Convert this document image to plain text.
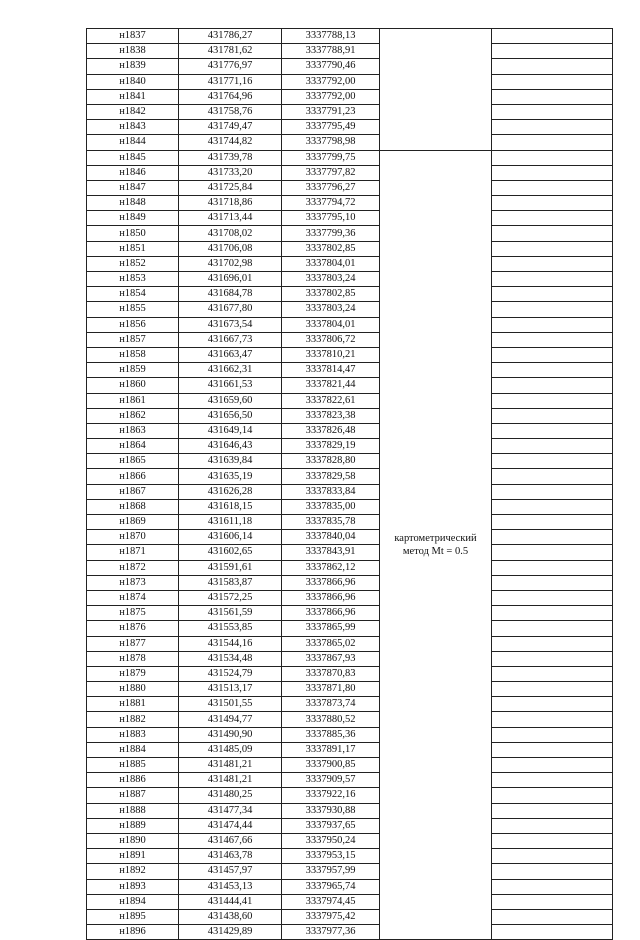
н1837	431786,27	3337788,13		
н1838	431781,62	3337788,91		
н1839	431776,97	3337790,46		
н1840	431771,16	3337792,00		
н1841	431764,96	3337792,00		
н1842	431758,76	3337791,23		
н1843	431749,47	3337795,49		
н1844	431744,82	3337798,98		
н1845	431739,78	3337799,75	картометрический
метод Mt = 0.5	

н1846	431733,20	3337797,82		
н1847	431725,84	3337796,27		
н1848	431718,86	3337794,72		
н1849	431713,44	3337795,10		
н1850	431708,02	3337799,36		
н1851	431706,08	3337802,85		
н1852	431702,98	3337804,01		
н1853	431696,01	3337803,24		
н1854	431684,78	3337802,85		
н1855	431677,80	3337803,24		
н1856	431673,54	3337804,01		
н1857	431667,73	3337806,72		
н1858	431663,47	3337810,21		
н1859	431662,31	3337814,47		
н1860	431661,53	3337821,44		
н1861	431659,60	3337822,61		
н1862	431656,50	3337823,38		
н1863	431649,14	3337826,48		
н1864	431646,43	3337829,19		
н1865	431639,84	3337828,80		
н1866	431635,19	3337829,58		
н1867	431626,28	3337833,84		
н1868	431618,15	3337835,00		
н1869	431611,18	3337835,78		
н1870	431606,14	3337840,04		
н1871	431602,65	3337843,91		
н1872	431591,61	3337862,12		
н1873	431583,87	3337866,96		
н1874	431572,25	3337866,96		
н1875	431561,59	3337866,96		
н1876	431553,85	3337865,99		
н1877	431544,16	3337865,02		
н1878	431534,48	3337867,93		
н1879	431524,79	3337870,83		
н1880	431513,17	3337871,80		
н1881	431501,55	3337873,74		
н1882	431494,77	3337880,52		
н1883	431490,90	3337885,36		
н1884	431485,09	3337891,17		
н1885	431481,21	3337900,85		
н1886	431481,21	3337909,57		
н1887	431480,25	3337922,16		
н1888	431477,34	3337930,88		
н1889	431474,44	3337937,65		
н1890	431467,66	3337950,24		
н1891	431463,78	3337953,15		
н1892	431457,97	3337957,99		
н1893	431453,13	3337965,74		
н1894	431444,41	3337974,45		
н1895	431438,60	3337975,42		
н1896	431429,89	3337977,36		
